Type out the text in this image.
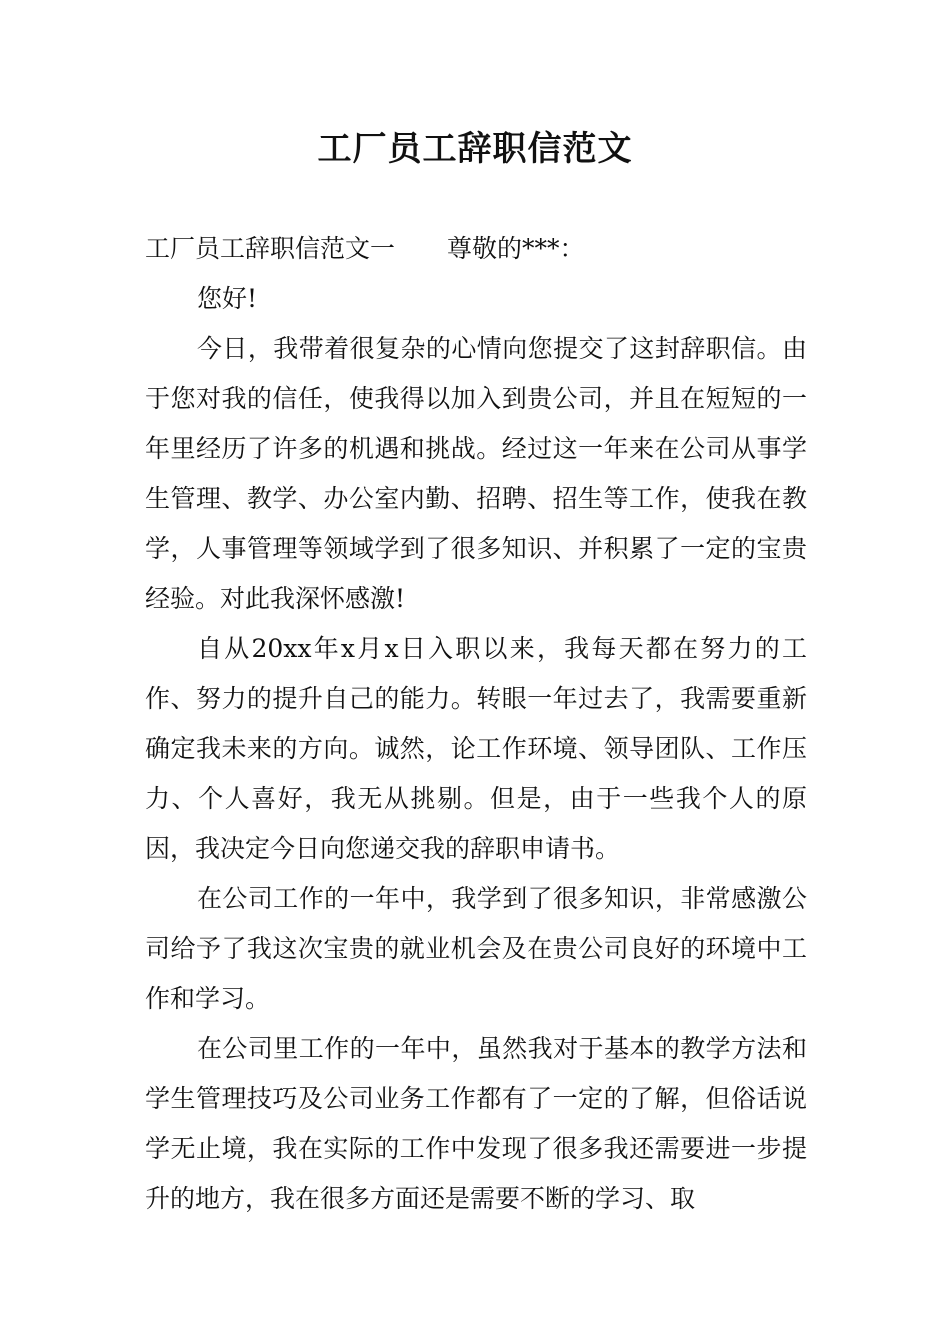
工厂员工辞职信范文

工厂员工辞职信范文一 尊敬的***：

您好!

今日，我带着很复杂的心情向您提交了这封辞职信。由于您对我的信任，使我得以加入到贵公司，并且在短短的一年里经历了许多的机遇和挑战。经过这一年来在公司从事学生管理、教学、办公室内勤、招聘、招生等工作，使我在教学，人事管理等领域学到了很多知识、并积累了一定的宝贵经验。对此我深怀感激!

自从20xx年x月x日入职以来，我每天都在努力的工作、努力的提升自己的能力。转眼一年过去了，我需要重新确定我未来的方向。诚然，论工作环境、领导团队、工作压力、个人喜好，我无从挑剔。但是，由于一些我个人的原因，我决定今日向您递交我的辞职申请书。

在公司工作的一年中，我学到了很多知识，非常感激公司给予了我这次宝贵的就业机会及在贵公司良好的环境中工作和学习。

在公司里工作的一年中，虽然我对于基本的教学方法和学生管理技巧及公司业务工作都有了一定的了解，但俗话说学无止境，我在实际的工作中发现了很多我还需要进一步提升的地方，我在很多方面还是需要不断的学习、取
